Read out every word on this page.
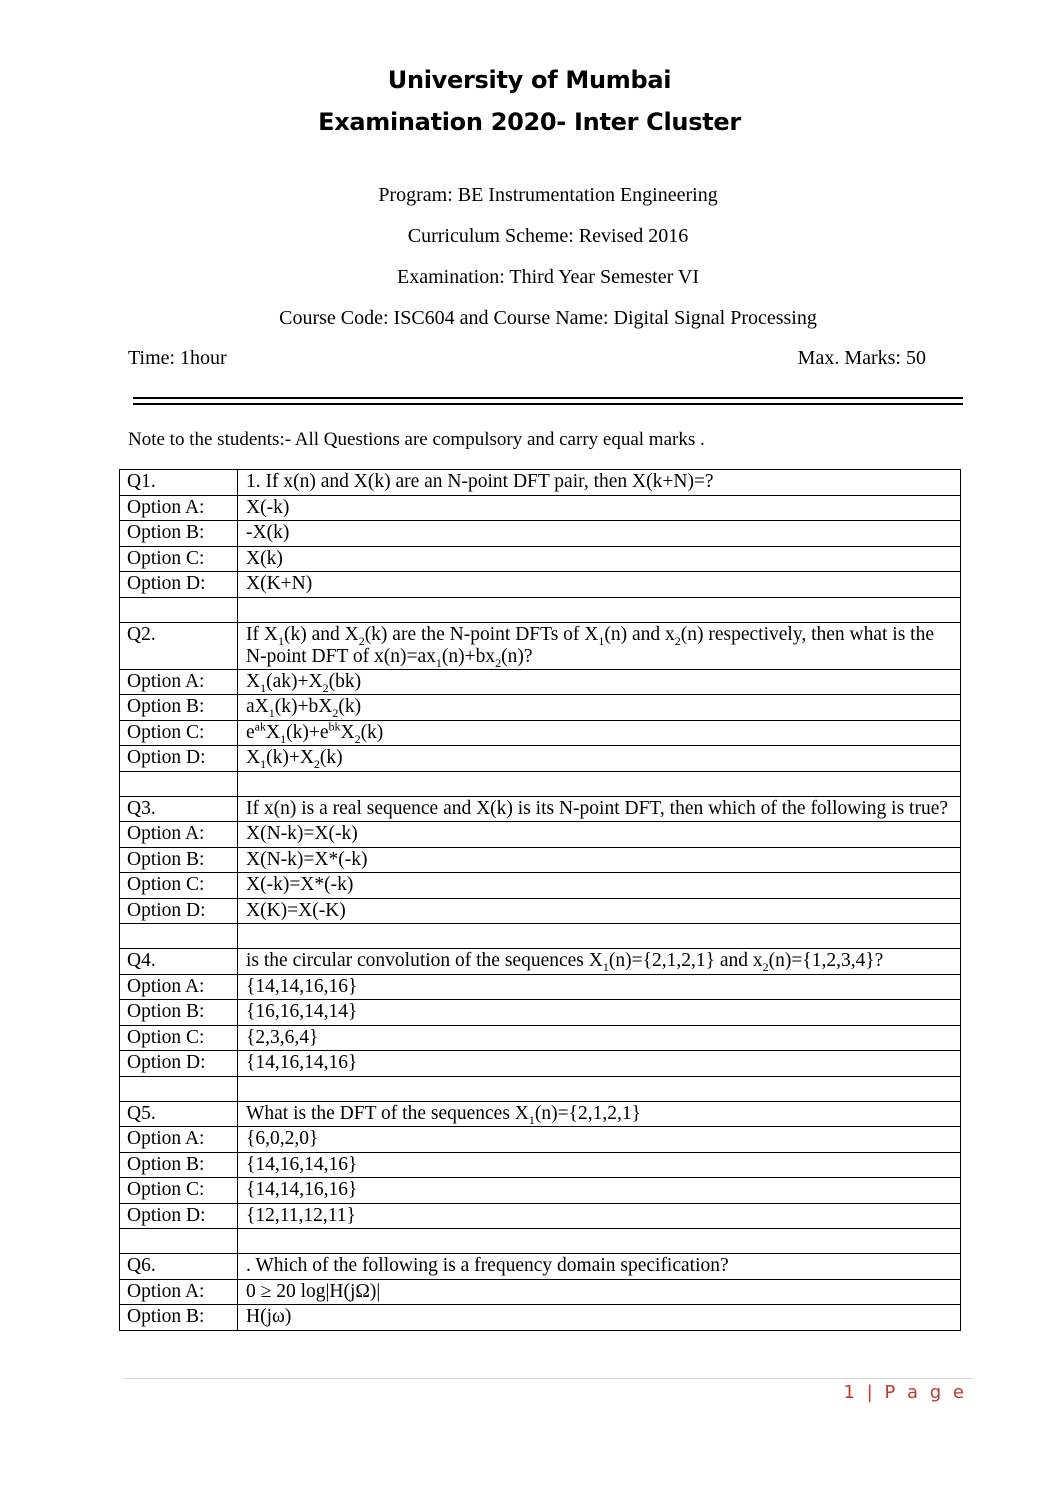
University of Mumbai
Examination 2020- Inter Cluster
Program: BE Instrumentation Engineering
Curriculum Scheme: Revised 2016
Examination: Third Year Semester VI
Course Code: ISC604 and Course Name: Digital Signal Processing
Time: 1hour	Max. Marks: 50
Note to the students:- All Questions are compulsory and carry equal marks .
Q1.	1. If x(n) and X(k) are an N-point DFT pair, then X(k+N)=?
Option A:	X(-k)
Option B:	-X(k)
Option C:	X(k)
Option D:	X(K+N)

Q2.	If $X_1(k)$ and $X_2(k)$ are the N-point DFTs of $X_1(n)$ and $x_2(n)$ respectively, then what is the N-point DFT of $x(n)=ax_1(n)+bx_2(n)$?
Option A:	$X_1(ak)+X_2(bk)$
Option B:	$aX_1(k)+bX_2(k)$
Option C:	$e^{ak}X_1(k)+e^{bk}X_2(k)$
Option D:	$X_1(k)+X_2(k)$

Q3.	If x(n) is a real sequence and X(k) is its N-point DFT, then which of the following is true?
Option A:	X(N-k)=X(-k)
Option B:	X(N-k)=X*(-k)
Option C:	X(-k)=X*(-k)
Option D:	X(K)=X(-K)

Q4.	is the circular convolution of the sequences $X_1(n)=\{2,1,2,1\}$ and $x_2(n)=\{1,2,3,4\}$?
Option A:	{14,14,16,16}
Option B:	{16,16,14,14}
Option C:	{2,3,6,4}
Option D:	{14,16,14,16}

Q5.	What is the DFT of the sequences $X_1(n)=\{2,1,2,1\}$
Option A:	{6,0,2,0}
Option B:	{14,16,14,16}
Option C:	{14,14,16,16}
Option D:	{12,11,12,11}

Q6.	. Which of the following is a frequency domain specification?
Option A:	0 ≥ 20 log|H(jΩ)|
Option B:	H(jω)
1 | P a g e
